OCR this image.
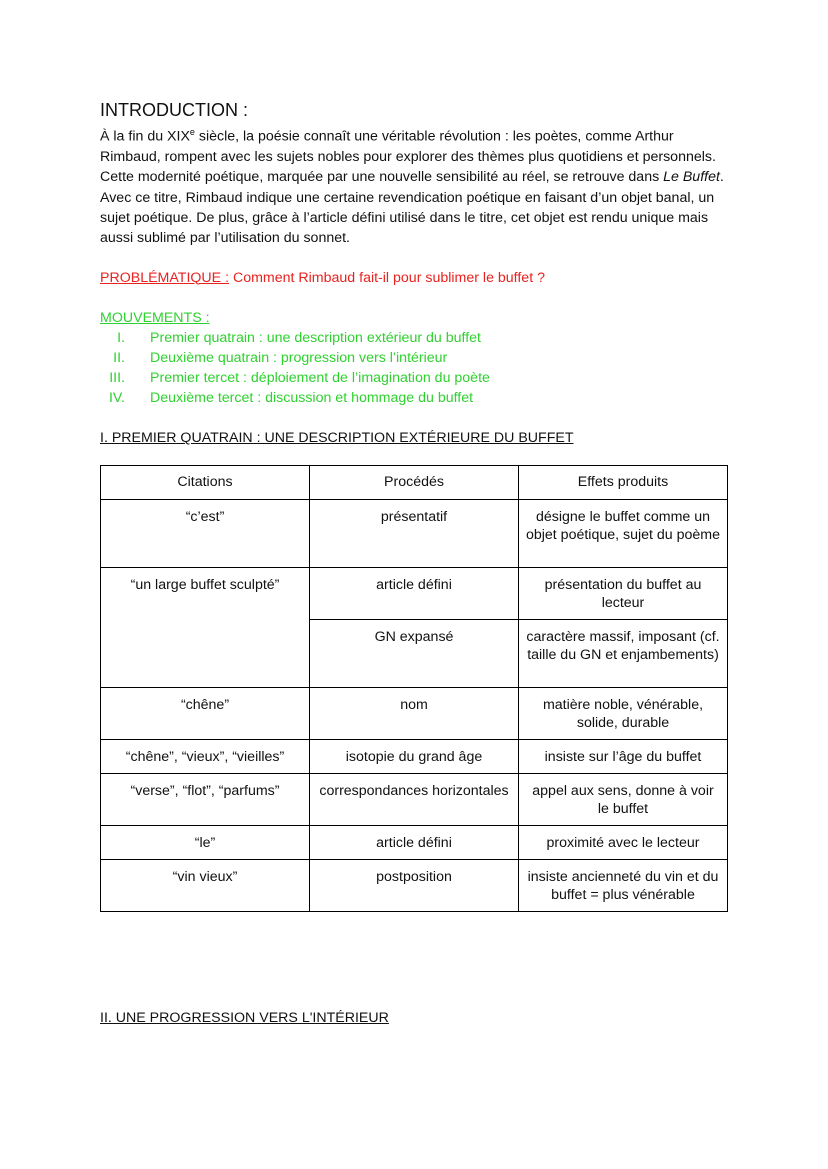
INTRODUCTION :

À la fin du XIXe siècle, la poésie connaît une véritable révolution : les poètes, comme Arthur Rimbaud, rompent avec les sujets nobles pour explorer des thèmes plus quotidiens et personnels. Cette modernité poétique, marquée par une nouvelle sensibilité au réel, se retrouve dans Le Buffet. Avec ce titre, Rimbaud indique une certaine revendication poétique en faisant d’un objet banal, un sujet poétique. De plus, grâce à l’article défini utilisé dans le titre, cet objet est rendu unique mais aussi sublimé par l’utilisation du sonnet.

PROBLÉMATIQUE : Comment Rimbaud fait-il pour sublimer le buffet ?
MOUVEMENTS :
I. Premier quatrain : une description extérieur du buffet
II. Deuxième quatrain : progression vers l’intérieur
III. Premier tercet : déploiement de l’imagination du poète
IV. Deuxième tercet : discussion et hommage du buffet
I. PREMIER QUATRAIN : UNE DESCRIPTION EXTÉRIEURE DU BUFFET
Citations	Procédés	Effets produits
“c’est”	présentatif	désigne le buffet comme un objet poétique, sujet du poème
“un large buffet sculpté”	article défini	présentation du buffet au lecteur
	GN expansé	caractère massif, imposant (cf. taille du GN et enjambements)
“chêne”	nom	matière noble, vénérable, solide, durable
“chêne”, “vieux”, “vieilles”	isotopie du grand âge	insiste sur l’âge du buffet
“verse”, “flot”, “parfums”	correspondances horizontales	appel aux sens, donne à voir le buffet
“le”	article défini	proximité avec le lecteur
“vin vieux”	postposition	insiste ancienneté du vin et du buffet = plus vénérable
II. UNE PROGRESSION VERS L'INTÉRIEUR
